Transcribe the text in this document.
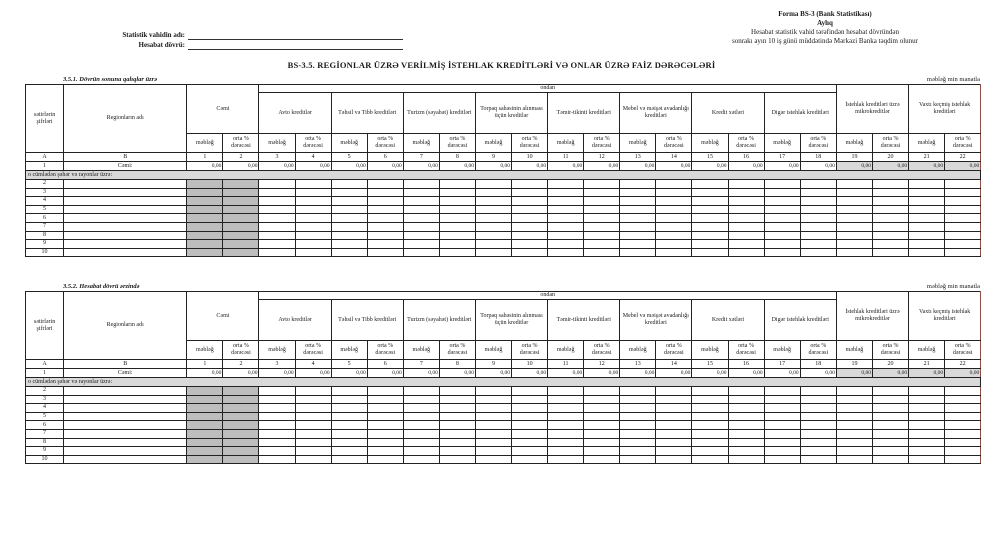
Forma BS-3 (Bank Statistikası)
Aylıq
Hesabat statistik vahid tərəfindən hesabat dövründən
sonrakı ayın 10 iş günü müddətində Mərkəzi Banka təqdim olunur
Statistik vahidin adı:
Hesabat dövrü:
BS-3.5. REGİONLAR ÜZRƏ VERİLMİŞ İSTEHLAK KREDİTLƏRİ VƏ ONLAR ÜZRƏ FAİZ DƏRƏCƏLƏRİ
3.5.1. Dövrün sonuna qalıqlar üzrə	məbləğ min manatla
sətirlərin şifrləri	Regionların adı	Cəmi		ondan																İstehlak kreditləri üzrə mikrokreditlər		Vaxtı keçmiş istehlak kreditləri	
				Avto kreditlər		Təhsil və Tibb kreditləri		Turizm (səyahət) kreditləri		Torpaq sahəsinin alınması üçün kreditlər		Təmir-tikinti kreditləri		Mebel və məişət avadanlığı kreditləri		Kredit xətləri		Digər istehlak kreditləri					
		məbləğ	orta % dərəcəsi	məbləğ	orta % dərəcəsi	məbləğ	orta % dərəcəsi	məbləğ	orta % dərəcəsi	məbləğ	orta % dərəcəsi	məbləğ	orta % dərəcəsi	məbləğ	orta % dərəcəsi	məbləğ	orta % dərəcəsi	məbləğ	orta % dərəcəsi	məbləğ	orta % dərəcəsi	məbləğ	orta % dərəcəsi
A	B	1	2	3	4	5	6	7	8	9	10	11	12	13	14	15	16	17	18	19	20	21	22
1	Cəmi:	0,00	0,00	0,00	0,00	0,00	0,00	0,00	0,00	0,00	0,00	0,00	0,00	0,00	0,00	0,00	0,00	0,00	0,00	0,00	0,00	0,00	0,00
o cümlədən şəhər və rayonlar üzrə:																							
2																							
3																							
4																							
5																							
6																							
7																							
8																							
9																							
10																							
3.5.2. Hesabat dövrü ərzində	məbləğ min manatla
sətirlərin şifrləri	Regionların adı	Cəmi		ondan																İstehlak kreditləri üzrə mikrokreditlər		Vaxtı keçmiş istehlak kreditləri	
				Avto kreditlər		Təhsil və Tibb kreditləri		Turizm (səyahət) kreditləri		Torpaq sahəsinin alınması üçün kreditlər		Təmir-tikinti kreditləri		Mebel və məişət avadanlığı kreditləri		Kredit xətləri		Digər istehlak kreditləri					
		məbləğ	orta % dərəcəsi	məbləğ	orta % dərəcəsi	məbləğ	orta % dərəcəsi	məbləğ	orta % dərəcəsi	məbləğ	orta % dərəcəsi	məbləğ	orta % dərəcəsi	məbləğ	orta % dərəcəsi	məbləğ	orta % dərəcəsi	məbləğ	orta % dərəcəsi	məbləğ	orta % dərəcəsi	məbləğ	orta % dərəcəsi
A	B	1	2	3	4	5	6	7	8	9	10	11	12	13	14	15	16	17	18	19	20	21	22
1	Cəmi:	0,00	0,00	0,00	0,00	0,00	0,00	0,00	0,00	0,00	0,00	0,00	0,00	0,00	0,00	0,00	0,00	0,00	0,00	0,00	0,00	0,00	0,00
o cümlədən şəhər və rayonlar üzrə:																							
2																							
3																							
4																							
5																							
6																							
7																							
8																							
9																							
10																							
